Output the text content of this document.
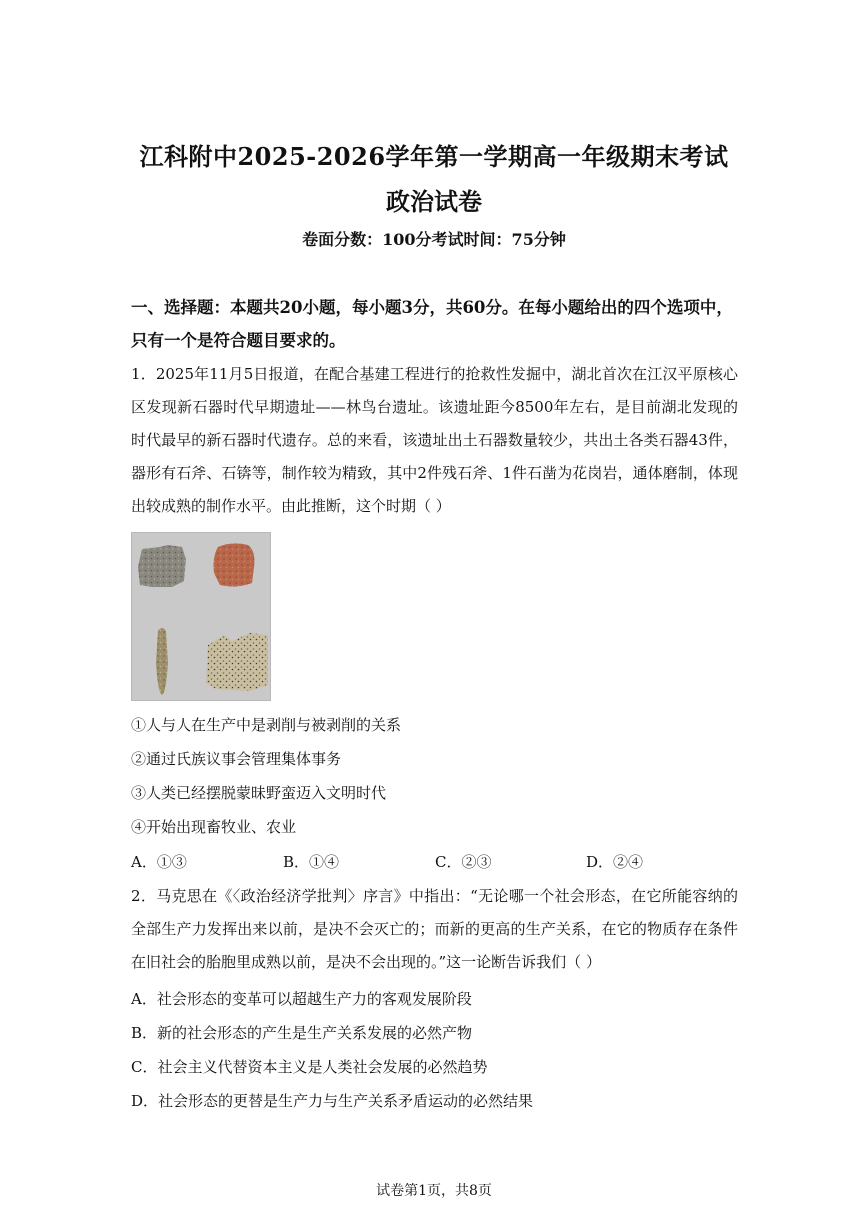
江科附中2025-2026学年第一学期高一年级期末考试
政治试卷
卷面分数：100分考试时间：75分钟
一、选择题：本题共20小题，每小题3分，共60分。在每小题给出的四个选项中，只有一个是符合题目要求的。
1．2025年11月5日报道，在配合基建工程进行的抢救性发掘中，湖北首次在江汉平原核心区发现新石器时代早期遗址——林鸟台遗址。该遗址距今8500年左右，是目前湖北发现的时代最早的新石器时代遗存。总的来看，该遗址出土石器数量较少，共出土各类石器43件，器形有石斧、石锛等，制作较为精致，其中2件残石斧、1件石凿为花岗岩，通体磨制，体现出较成熟的制作水平。由此推断，这个时期（ ）
①人与人在生产中是剥削与被剥削的关系
②通过氏族议事会管理集体事务
③人类已经摆脱蒙昧野蛮迈入文明时代
④开始出现畜牧业、农业
A．①③	B．①④	C．②③	D．②④
2．马克思在《〈政治经济学批判〉序言》中指出：“无论哪一个社会形态，在它所能容纳的全部生产力发挥出来以前，是决不会灭亡的；而新的更高的生产关系，在它的物质存在条件在旧社会的胎胞里成熟以前，是决不会出现的。”这一论断告诉我们（ ）
A．社会形态的变革可以超越生产力的客观发展阶段
B．新的社会形态的产生是生产关系发展的必然产物
C．社会主义代替资本主义是人类社会发展的必然趋势
D．社会形态的更替是生产力与生产关系矛盾运动的必然结果
试卷第1页，共8页
